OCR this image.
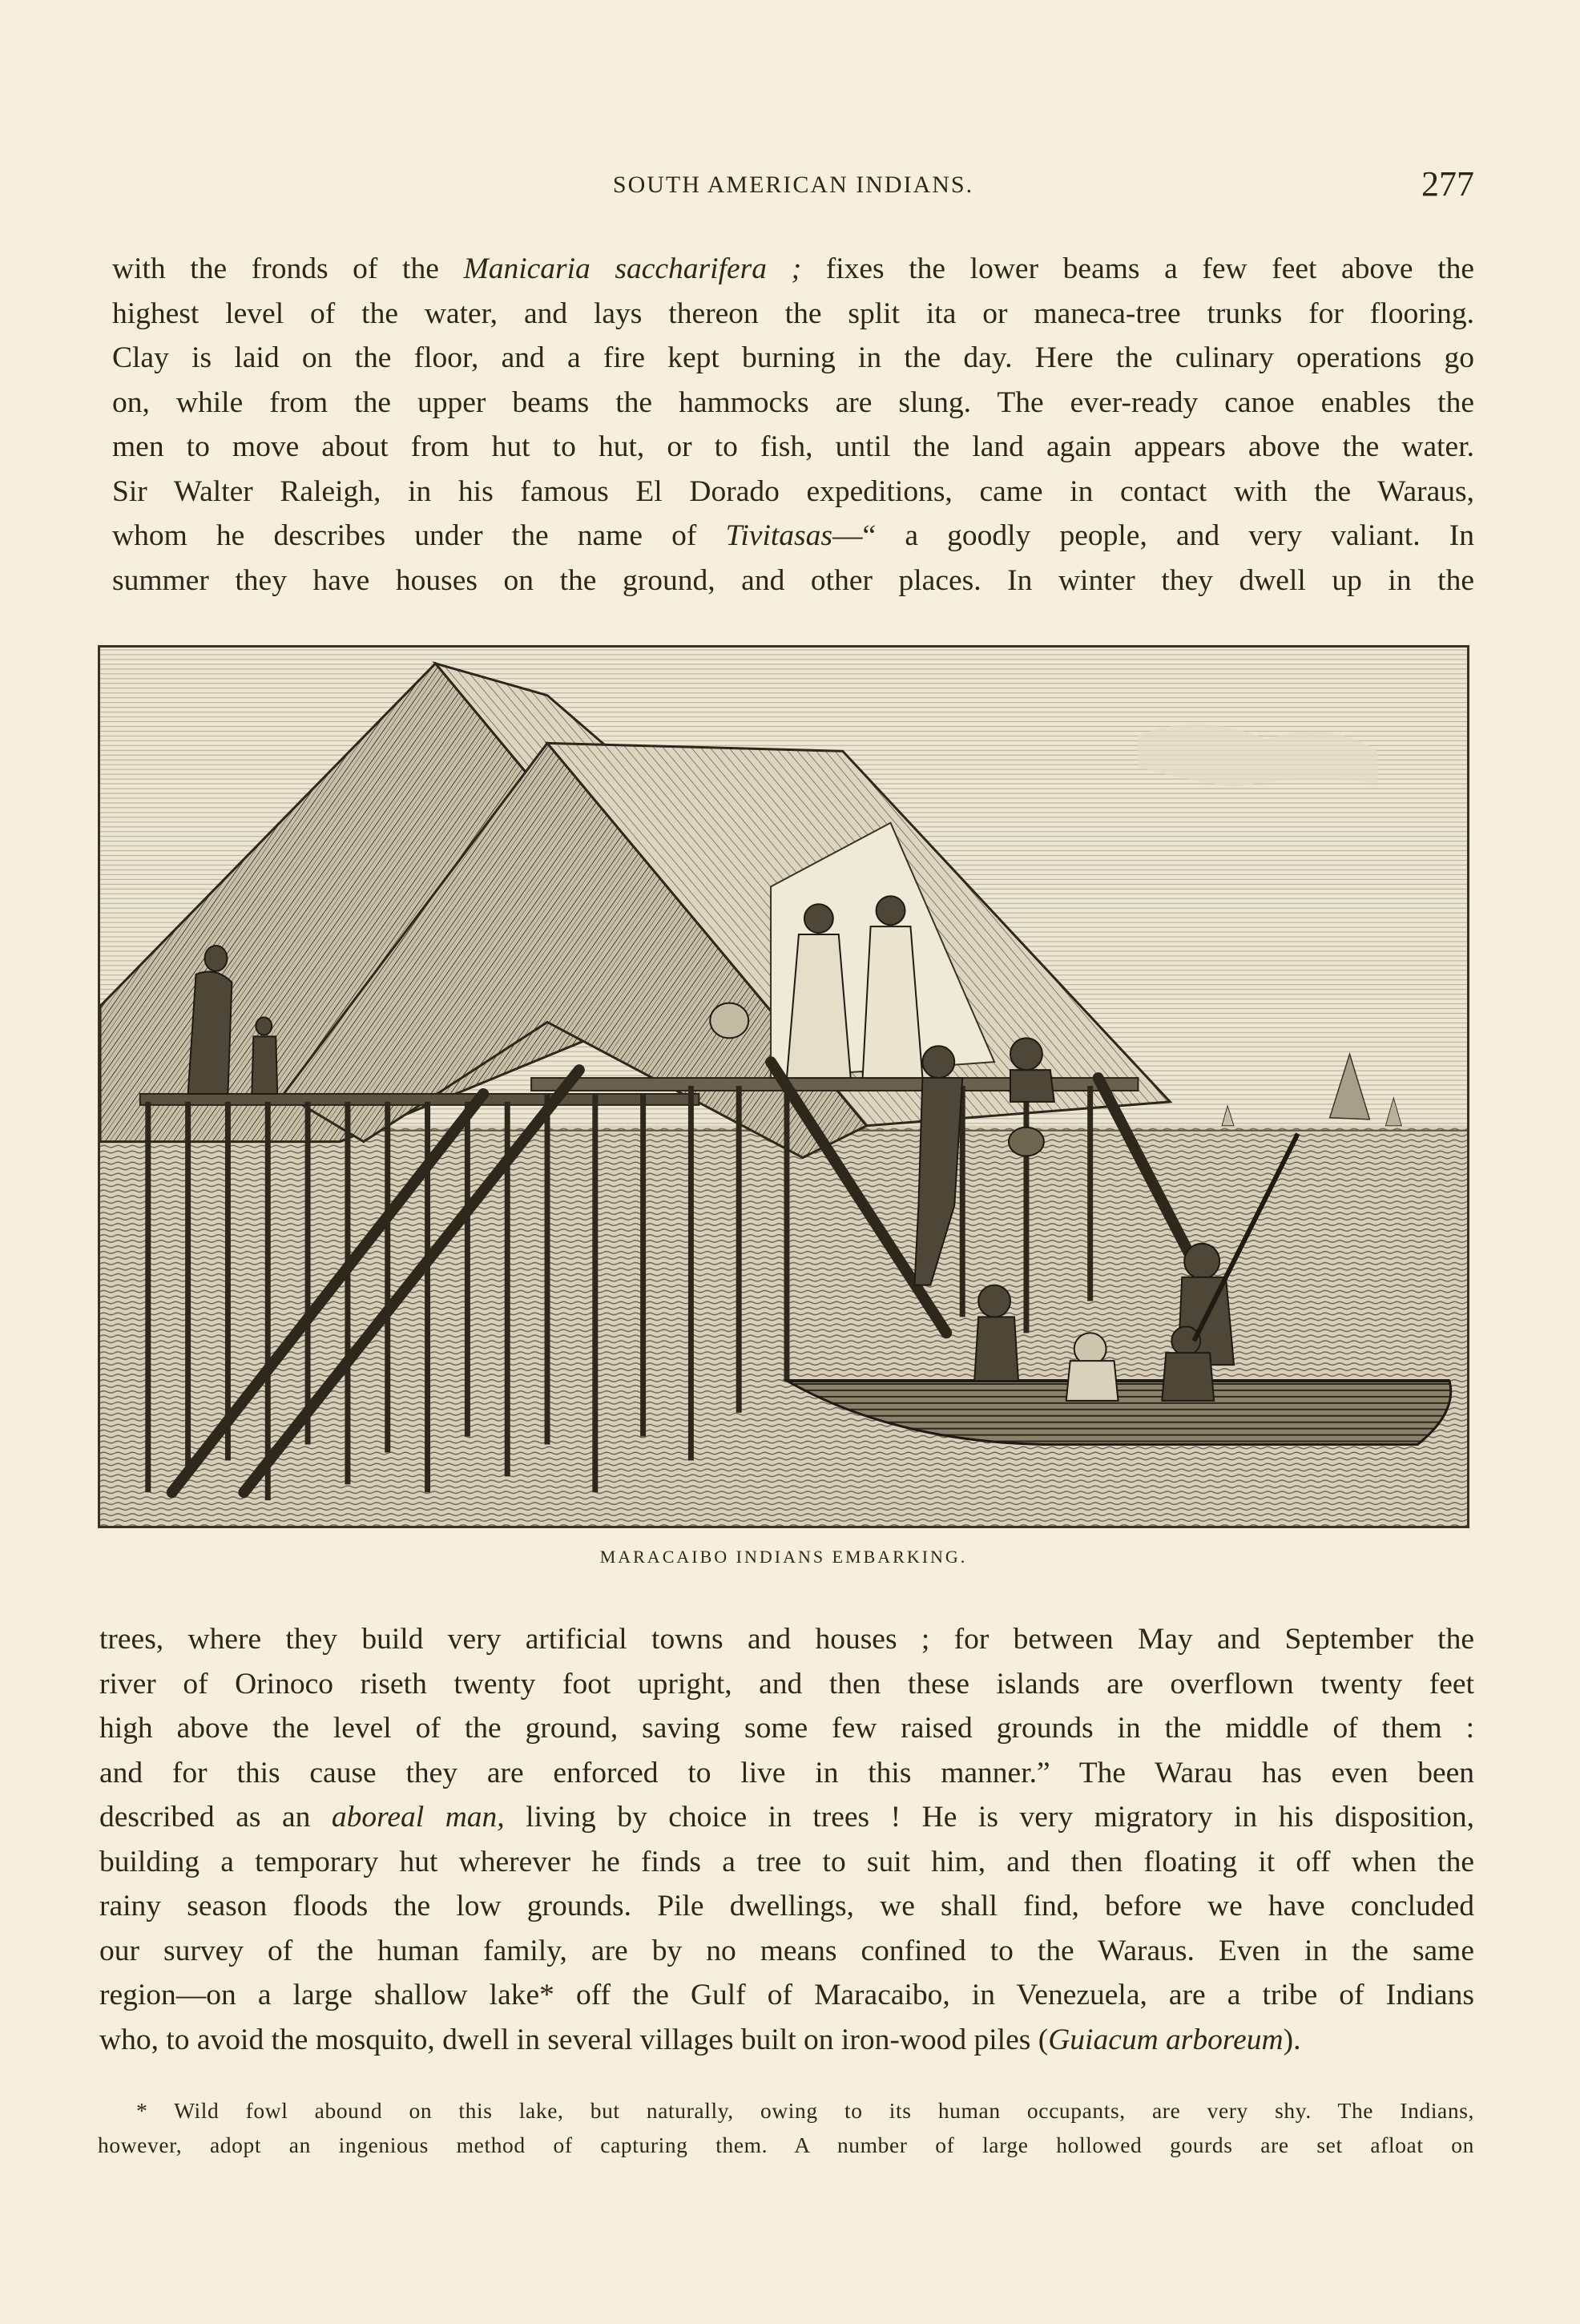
SOUTH AMERICAN INDIANS.	277
with the fronds of the Manicaria saccharifera ; fixes the lower beams a few feet above the
highest level of the water, and lays thereon the split ita or maneca-tree trunks for flooring.
Clay is laid on the floor, and a fire kept burning in the day. Here the culinary operations go
on, while from the upper beams the hammocks are slung. The ever-ready canoe enables the
men to move about from hut to hut, or to fish, until the land again appears above the water.
Sir Walter Raleigh, in his famous El Dorado expeditions, came in contact with the Waraus,
whom he describes under the name of Tivitasas—“ a goodly people, and very valiant. In
summer they have houses on the ground, and other places. In winter they dwell up in the
MARACAIBO INDIANS EMBARKING.
trees, where they build very artificial towns and houses ; for between May and September the
river of Orinoco riseth twenty foot upright, and then these islands are overflown twenty feet
high above the level of the ground, saving some few raised grounds in the middle of them :
and for this cause they are enforced to live in this manner.” The Warau has even been
described as an aboreal man, living by choice in trees ! He is very migratory in his disposition,
building a temporary hut wherever he finds a tree to suit him, and then floating it off when the
rainy season floods the low grounds. Pile dwellings, we shall find, before we have concluded
our survey of the human family, are by no means confined to the Waraus. Even in the same
region—on a large shallow lake* off the Gulf of Maracaibo, in Venezuela, are a tribe of Indians
who, to avoid the mosquito, dwell in several villages built on iron-wood piles (Guiacum arboreum).
* Wild fowl abound on this lake, but naturally, owing to its human occupants, are very shy. The Indians,
however, adopt an ingenious method of capturing them. A number of large hollowed gourds are set afloat on
